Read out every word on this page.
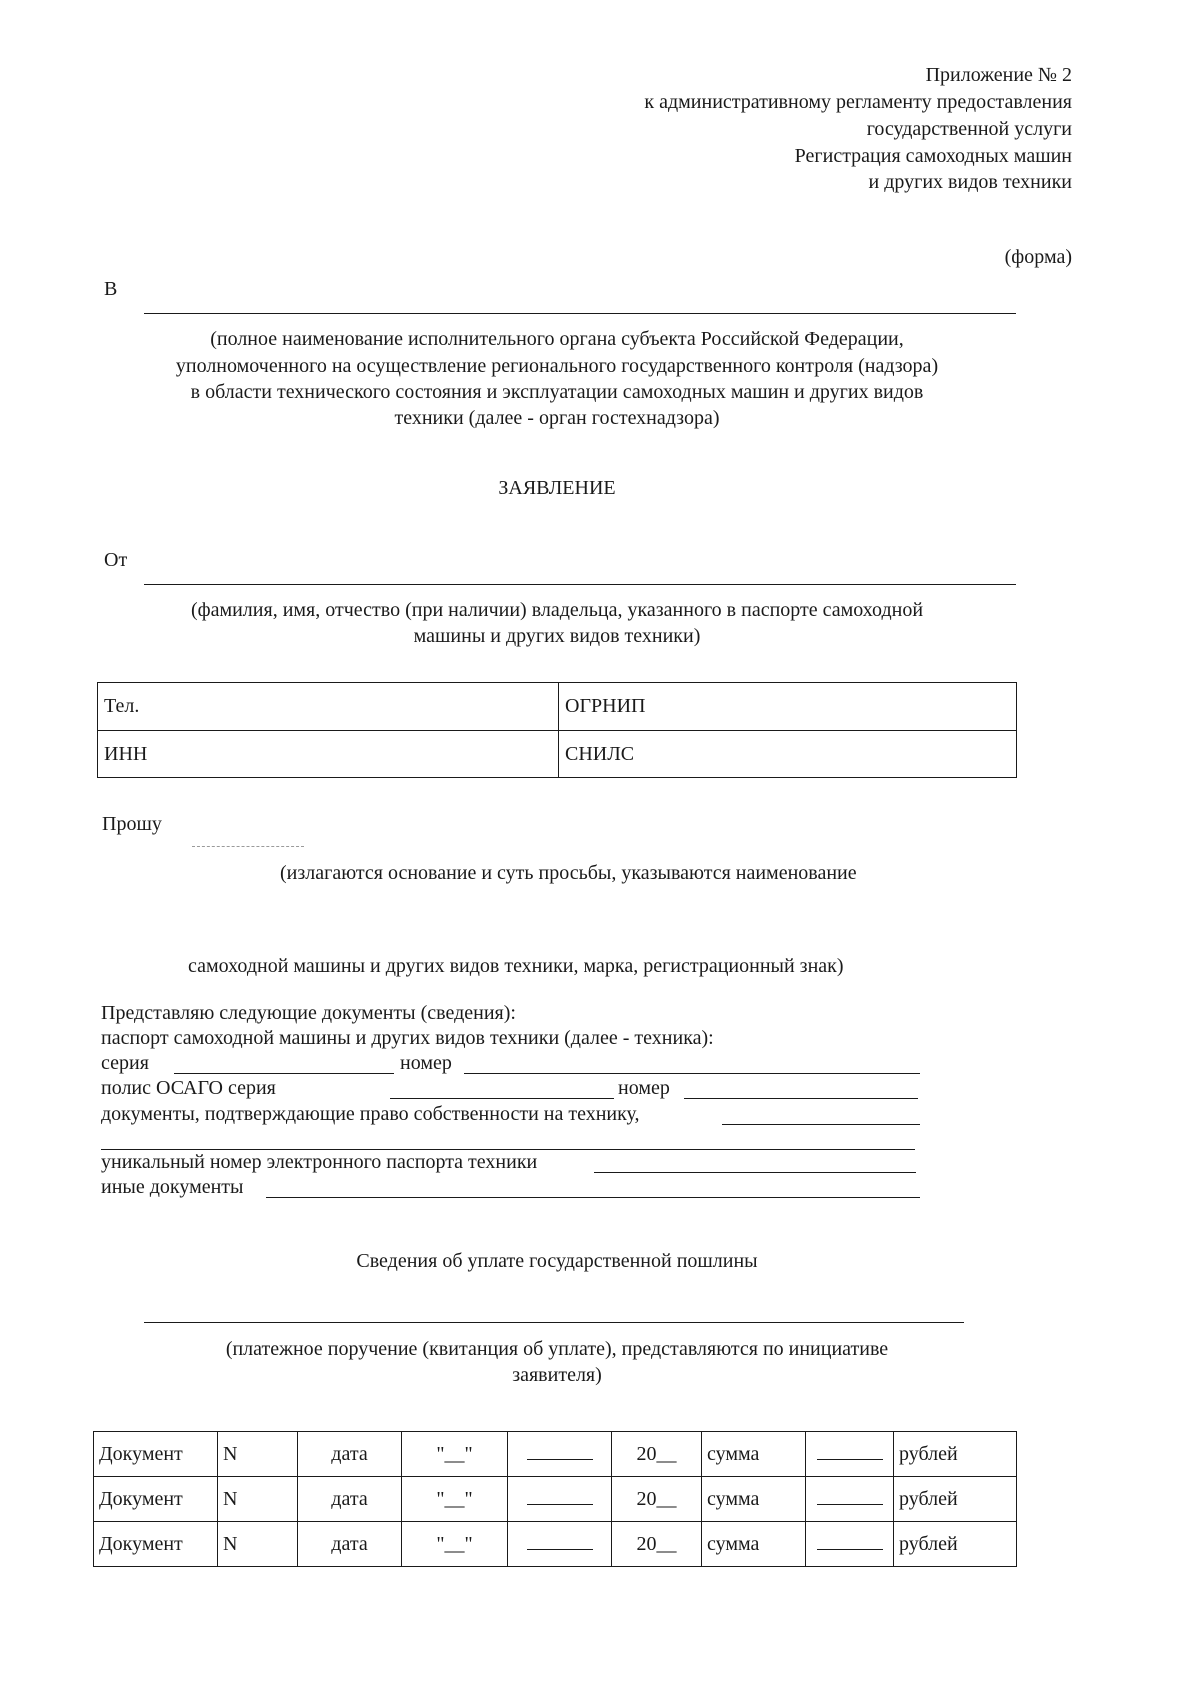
Приложение № 2
к административному регламенту предоставления
государственной услуги
Регистрация самоходных машин
и других видов техники
(форма)
В
(полное наименование исполнительного органа субъекта Российской Федерации,
уполномоченного на осуществление регионального государственного контроля (надзора)
в области технического состояния и эксплуатации самоходных машин и других видов
техники (далее - орган гостехнадзора)
ЗАЯВЛЕНИЕ
От
(фамилия, имя, отчество (при наличии) владельца, указанного в паспорте самоходной
машины и других видов техники)
Тел.	ОГРНИП
ИНН	СНИЛС
Прошу
(излагаются основание и суть просьбы, указываются наименование
самоходной машины и других видов техники, марка, регистрационный знак)
Представляю следующие документы (сведения):
паспорт самоходной машины и других видов техники (далее - техника):
серия	номер
полис ОСАГО серия	номер
документы, подтверждающие право собственности на технику,
уникальный номер электронного паспорта техники
иные документы
Сведения об уплате государственной пошлины
(платежное поручение (квитанция об уплате), представляются по инициативе
заявителя)
Документ	N	дата	"__"		20__	сумма		рублей
Документ	N	дата	"__"		20__	сумма		рублей
Документ	N	дата	"__"		20__	сумма		рублей
